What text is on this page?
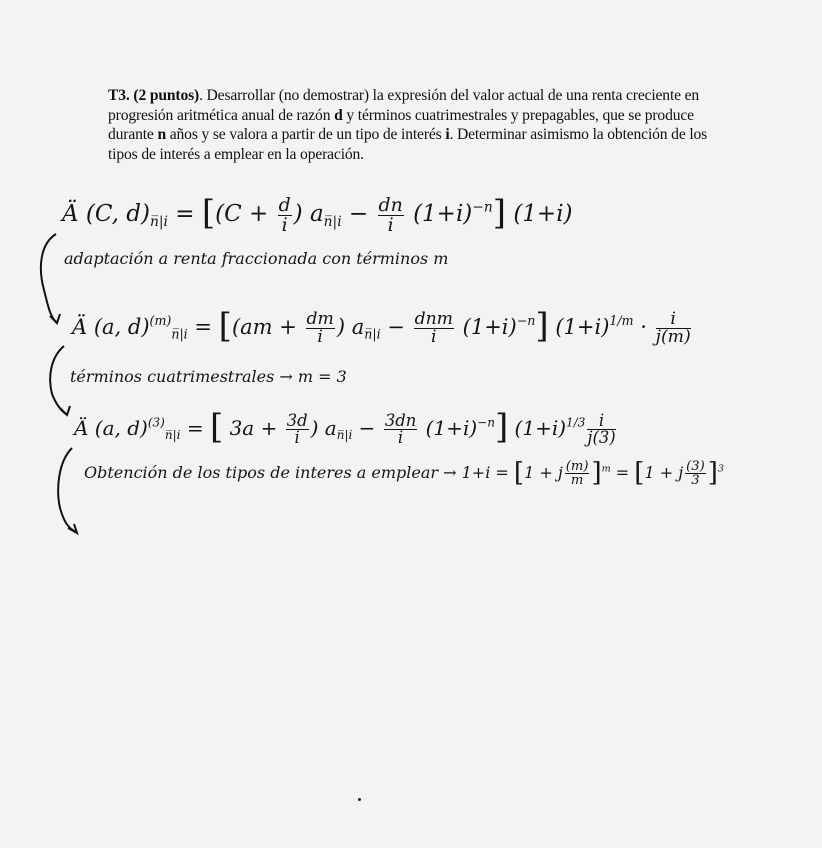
T3. (2 puntos). Desarrollar (no demostrar) la expresión del valor actual de una renta creciente en progresión aritmética anual de razón d y términos cuatrimestrales y prepagables, que se produce durante n años y se valora a partir de un tipo de interés i. Determinar asimismo la obtención de los tipos de interés a emplear en la operación.
Ä (C, $d)_{n̅|i} = [(C + \frac{d}{i}$ ) $a_{n̅|i} - \frac{dn}{i} (1+i)^{-n}$] (1+i)
adaptación a renta fraccionada con términos m
Ä (a, $d)^{(m)}_{n̅|i} = [(am + \frac{dm}{i}$ ) $a_{n̅|i} - \frac{\text{dnm}}{i} (1+i)^{-n}$] $(1+i)^{1/m} \cdot \frac{i}{j(m)}$
términos cuatrimestrales → m = 3
Ä (a, d)$^{(3)}_{n̅|i}$ = [ $3a + \frac{3d}{i}$ ) $a_{n̅|i} - \frac{3dn}{i} (1+i)^{-n}$] $(1+i)^{1/3} \frac{i}{j(3)}$
Obtención de los tipos de interes a emplear → 1+i = [1 + j $\frac{(m)}{m} ]^m = [1 + j \frac{(3)}{3} ]^3$
